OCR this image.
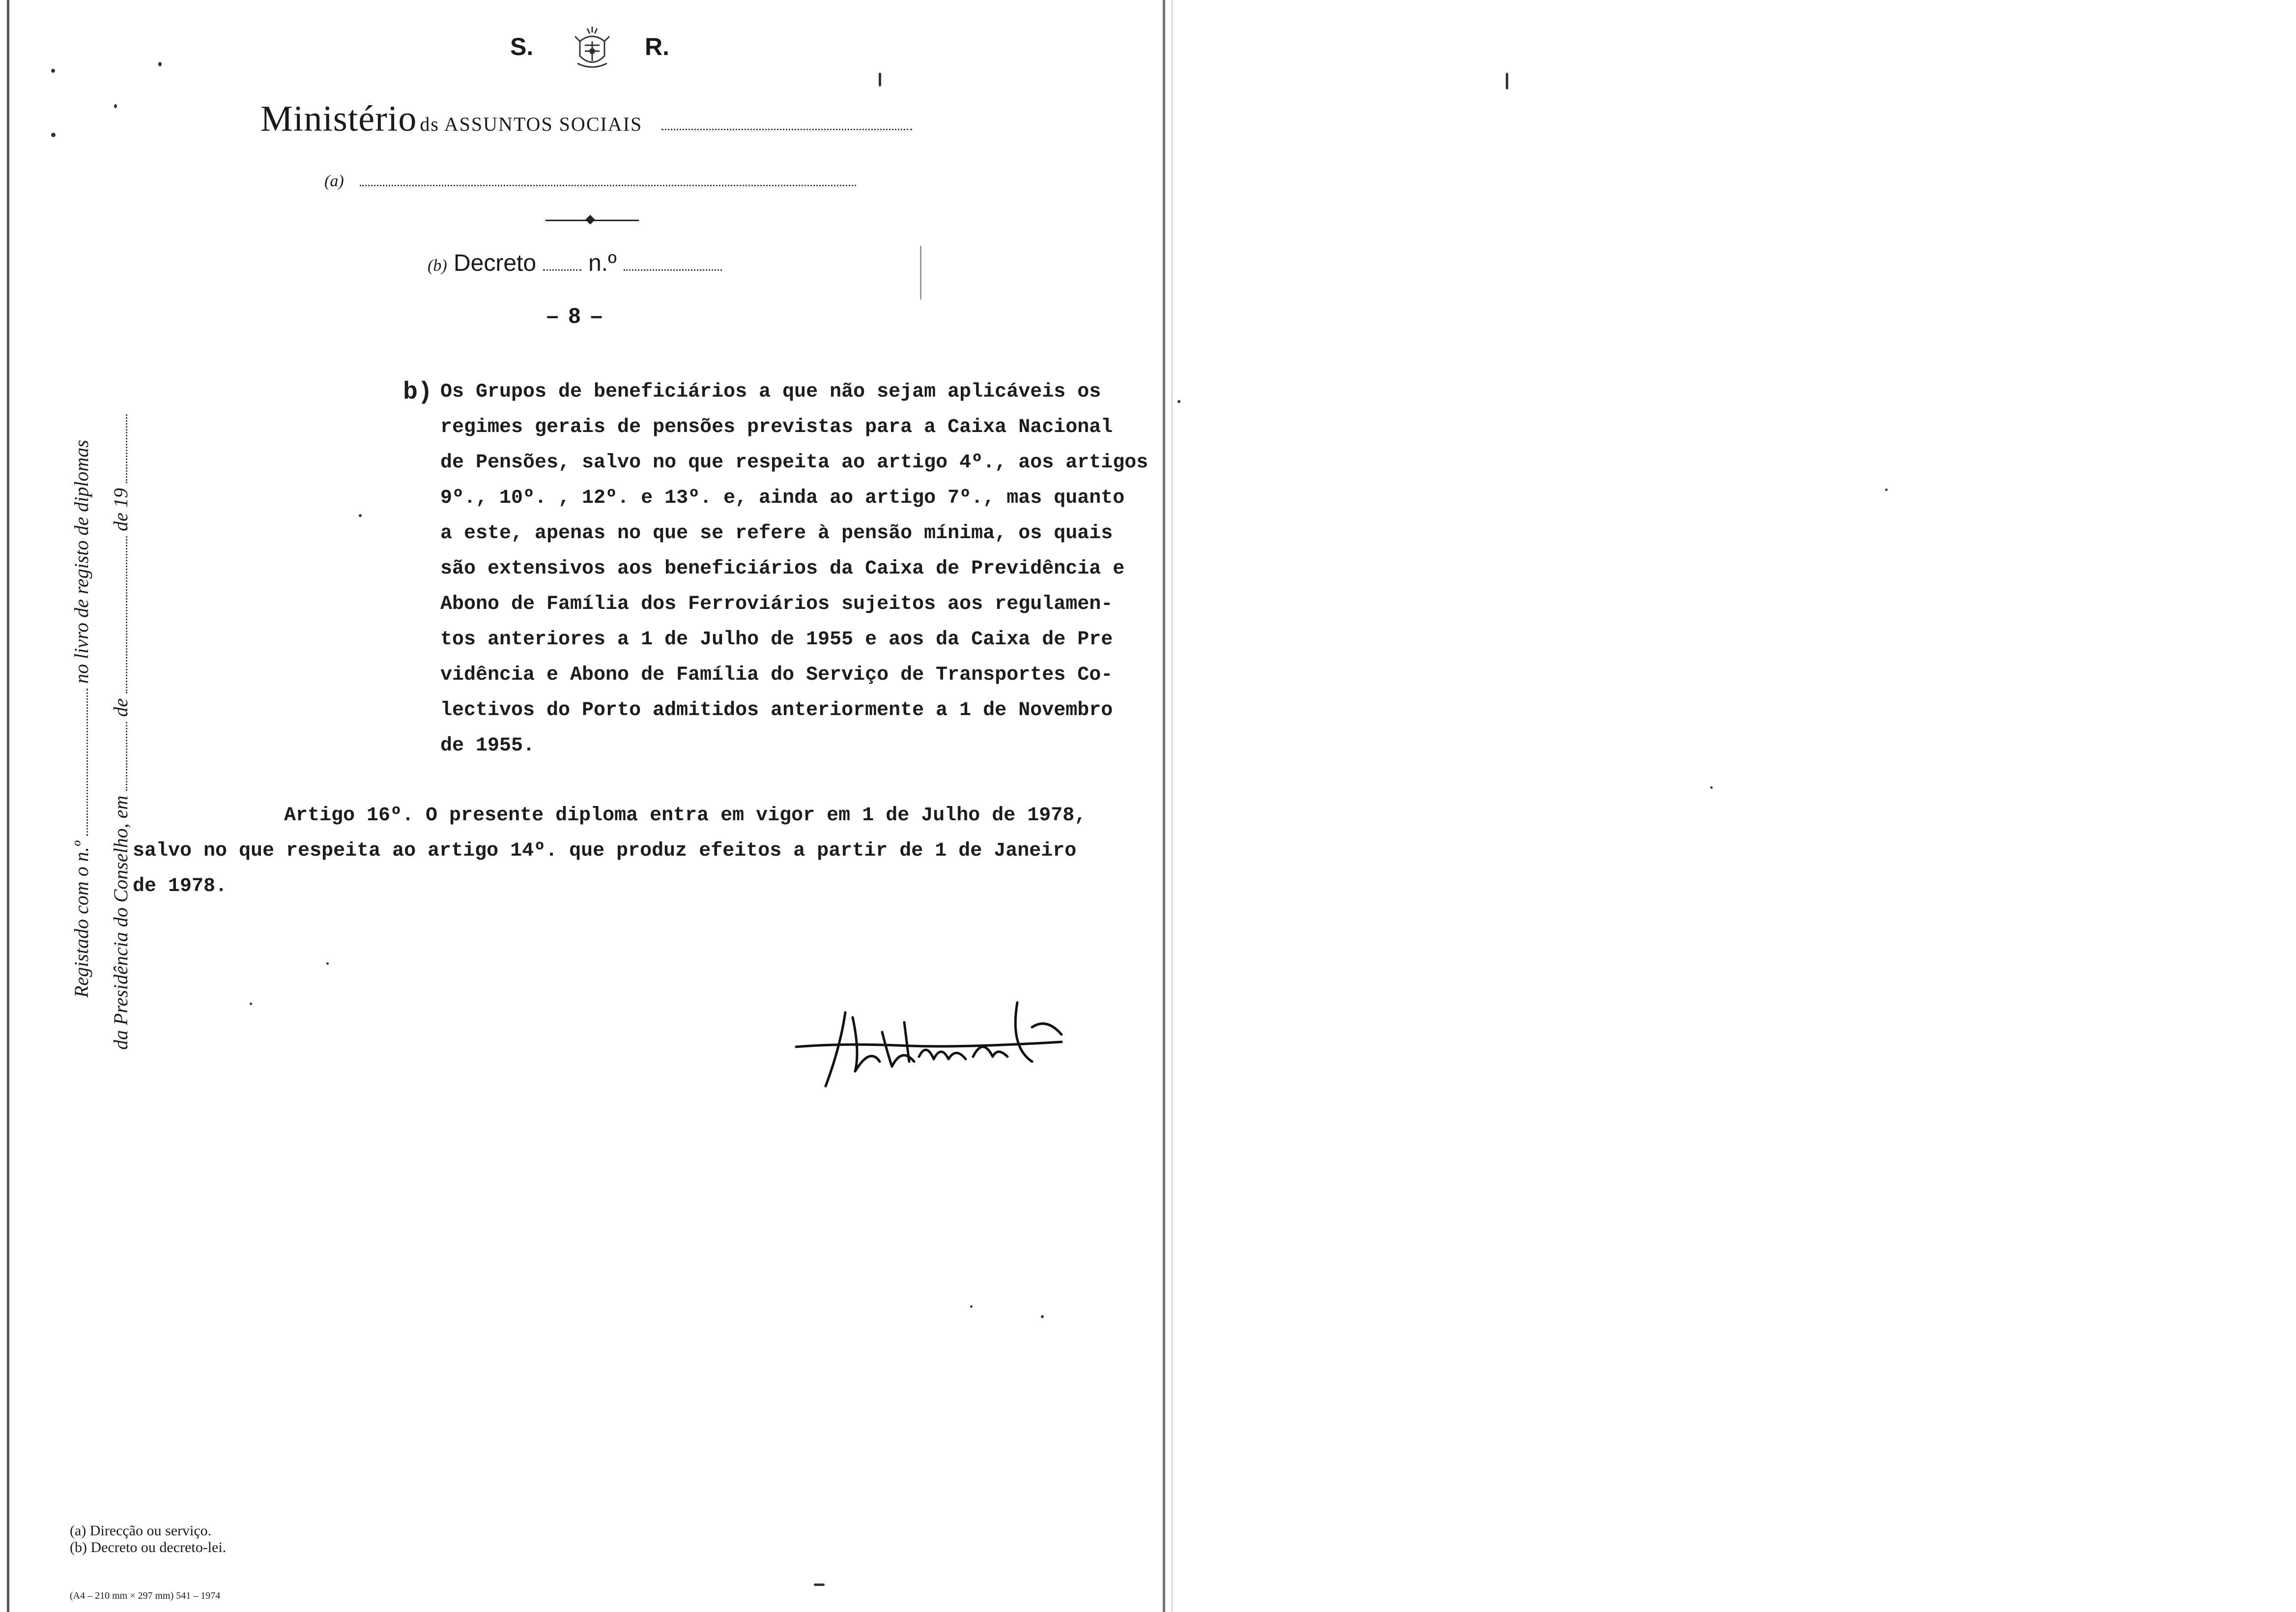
S.	R.
Ministério ds ASSUNTOS SOCIAIS
(a)
(b) Decreto n.º
– 8 –
b) Os Grupos de beneficiários a que não sejam aplicáveis os
regimes gerais de pensões previstas para a Caixa Nacional
de Pensões, salvo no que respeita ao artigo 4º., aos artigos
9º., 10º. , 12º. e 13º. e, ainda ao artigo 7º., mas quanto
a este, apenas no que se refere à pensão mínima, os quais
são extensivos aos beneficiários da Caixa de Previdência e
Abono de Família dos Ferroviários sujeitos aos regulamen-
tos anteriores a 1 de Julho de 1955 e aos da Caixa de Pre
vidência e Abono de Família do Serviço de Transportes Co-
lectivos do Porto admitidos anteriormente a 1 de Novembro
de 1955.
Artigo 16º. O presente diploma entra em vigor em 1 de Julho de 1978,
salvo no que respeita ao artigo 14º. que produz efeitos a partir de 1 de Janeiro
de 1978.
Registado com o n.ºno livro de registo de diplomas
da Presidência do Conselho, emdede 19
(a) Direcção ou serviço.
(b) Decreto ou decreto-lei.
(A4 – 210 mm × 297 mm) 541 – 1974
